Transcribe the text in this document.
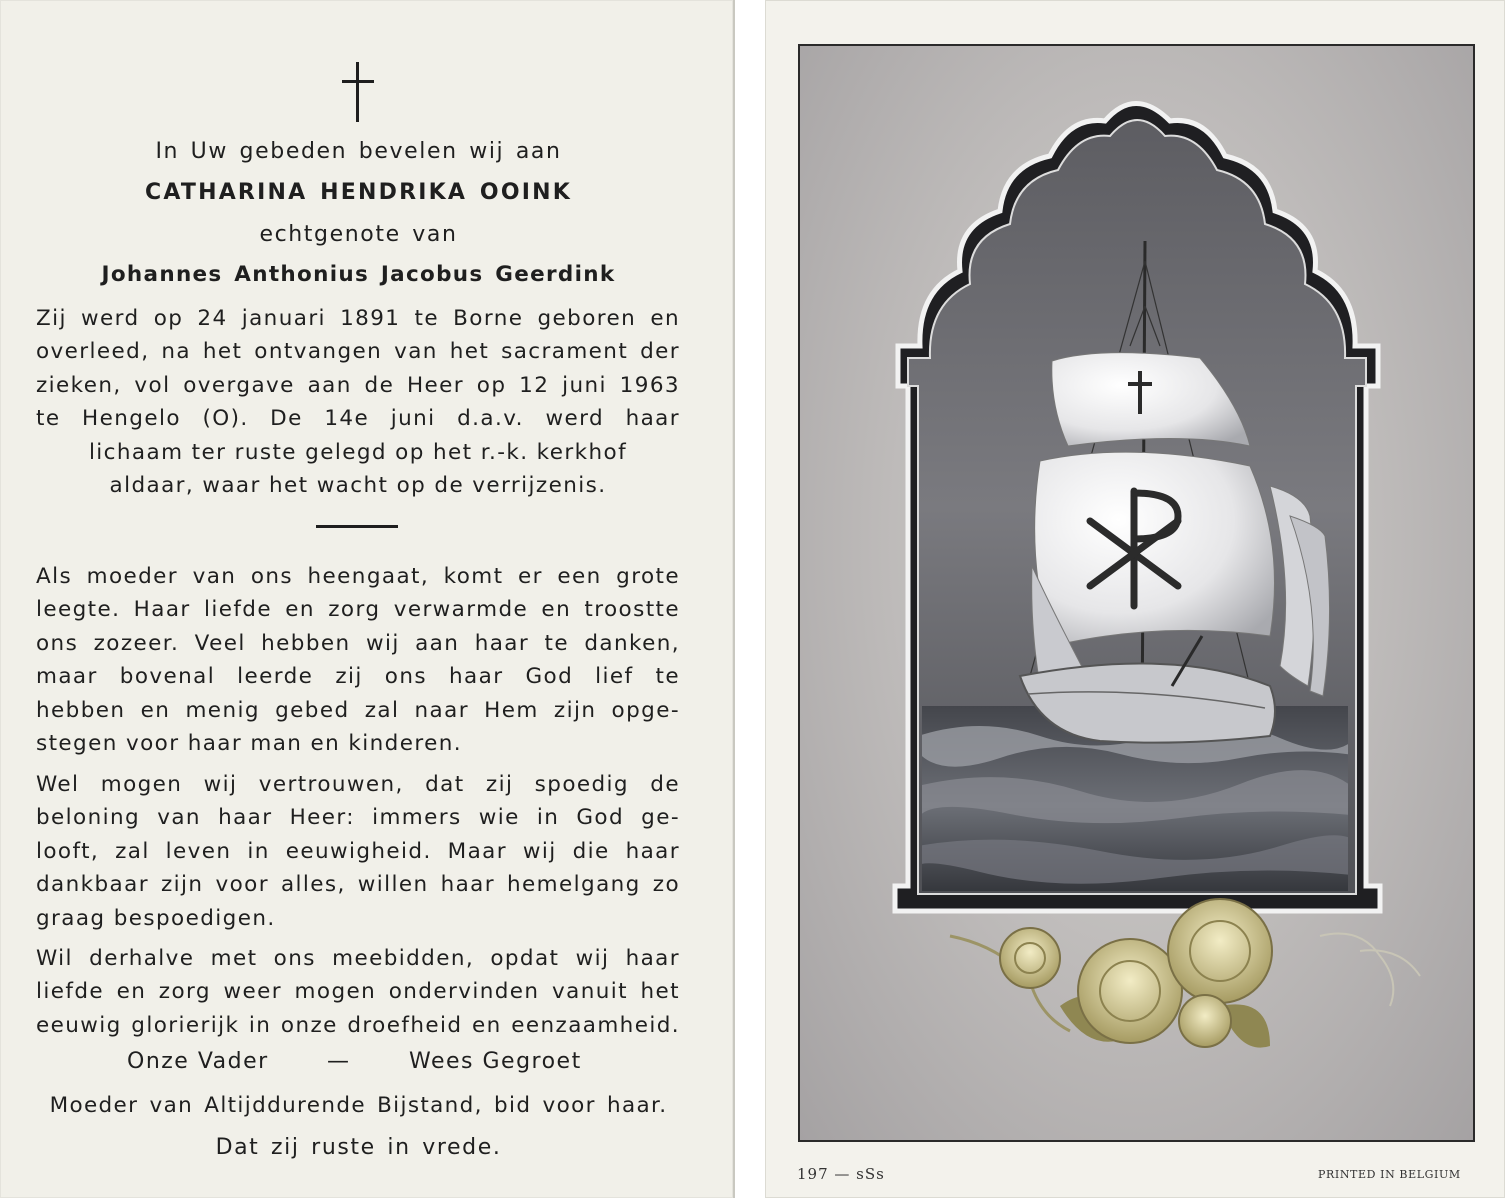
In Uw gebeden bevelen wij aan
CATHARINA HENDRIKA OOINK
echtgenote van
Johannes Anthonius Jacobus Geerdink
Zij werd op 24 januari 1891 te Borne geboren en
overleed, na het ontvangen van het sacrament der
zieken, vol overgave aan de Heer op 12 juni 1963
te Hengelo (O). De 14e juni d.a.v. werd haar
lichaam ter ruste gelegd op het r.-k. kerkhof
aldaar, waar het wacht op de verrijzenis.
Als moeder van ons heengaat, komt er een grote
leegte. Haar liefde en zorg verwarmde en troostte
ons zozeer. Veel hebben wij aan haar te danken,
maar bovenal leerde zij ons haar God lief te
hebben en menig gebed zal naar Hem zijn opge-
stegen voor haar man en kinderen.
Wel mogen wij vertrouwen, dat zij spoedig de
beloning van haar Heer: immers wie in God ge-
looft, zal leven in eeuwigheid. Maar wij die haar
dankbaar zijn voor alles, willen haar hemelgang zo
graag bespoedigen.
Wil derhalve met ons meebidden, opdat wij haar
liefde en zorg weer mogen ondervinden vanuit het
eeuwig glorierijk in onze droefheid en eenzaamheid.
Onze Vader	—	Wees Gegroet
Moeder van Altijddurende Bijstand, bid voor haar.
Dat zij ruste in vrede.
197 — sSs	PRINTED IN BELGIUM
